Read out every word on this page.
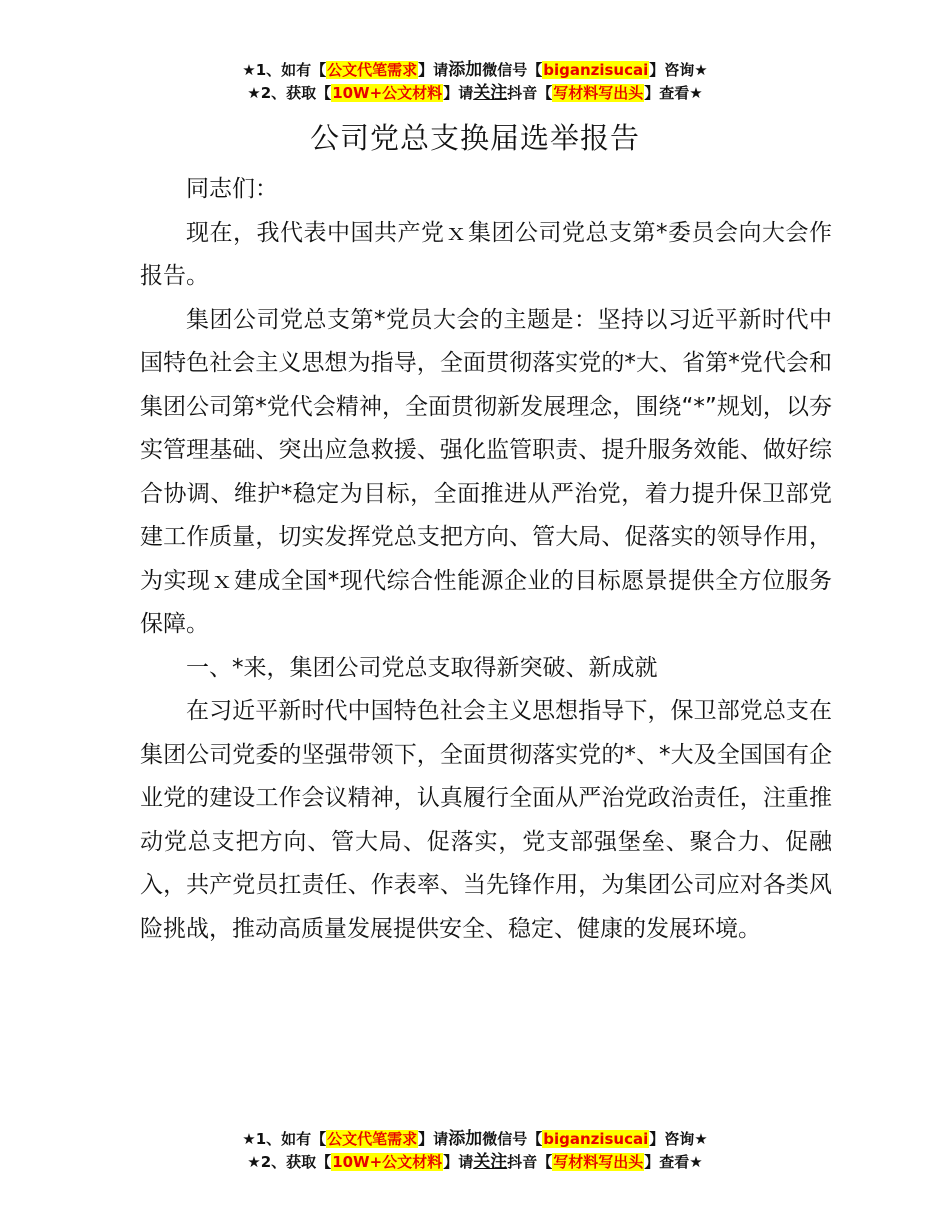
★1、如有【公文代笔需求】请添加微信号【biganzisucai】咨询★
★2、获取【10W+公文材料】请关注抖音【写材料写出头】查看★
公司党总支换届选举报告

同志们：

现在，我代表中国共产党ｘ集团公司党总支第*委员会向大会作报告。

集团公司党总支第*党员大会的主题是：坚持以习近平新时代中国特色社会主义思想为指导，全面贯彻落实党的*大、省第*党代会和集团公司第*党代会精神，全面贯彻新发展理念，围绕“*”规划，以夯实管理基础、突出应急救援、强化监管职责、提升服务效能、做好综合协调、维护*稳定为目标，全面推进从严治党，着力提升保卫部党建工作质量，切实发挥党总支把方向、管大局、促落实的领导作用，为实现ｘ建成全国*现代综合性能源企业的目标愿景提供全方位服务保障。

一、*来，集团公司党总支取得新突破、新成就

在习近平新时代中国特色社会主义思想指导下，保卫部党总支在集团公司党委的坚强带领下，全面贯彻落实党的*、*大及全国国有企业党的建设工作会议精神，认真履行全面从严治党政治责任，注重推动党总支把方向、管大局、促落实，党支部强堡垒、聚合力、促融入，共产党员扛责任、作表率、当先锋作用，为集团公司应对各类风险挑战，推动高质量发展提供安全、稳定、健康的发展环境。

★1、如有【公文代笔需求】请添加微信号【biganzisucai】咨询★
★2、获取【10W+公文材料】请关注抖音【写材料写出头】查看★
